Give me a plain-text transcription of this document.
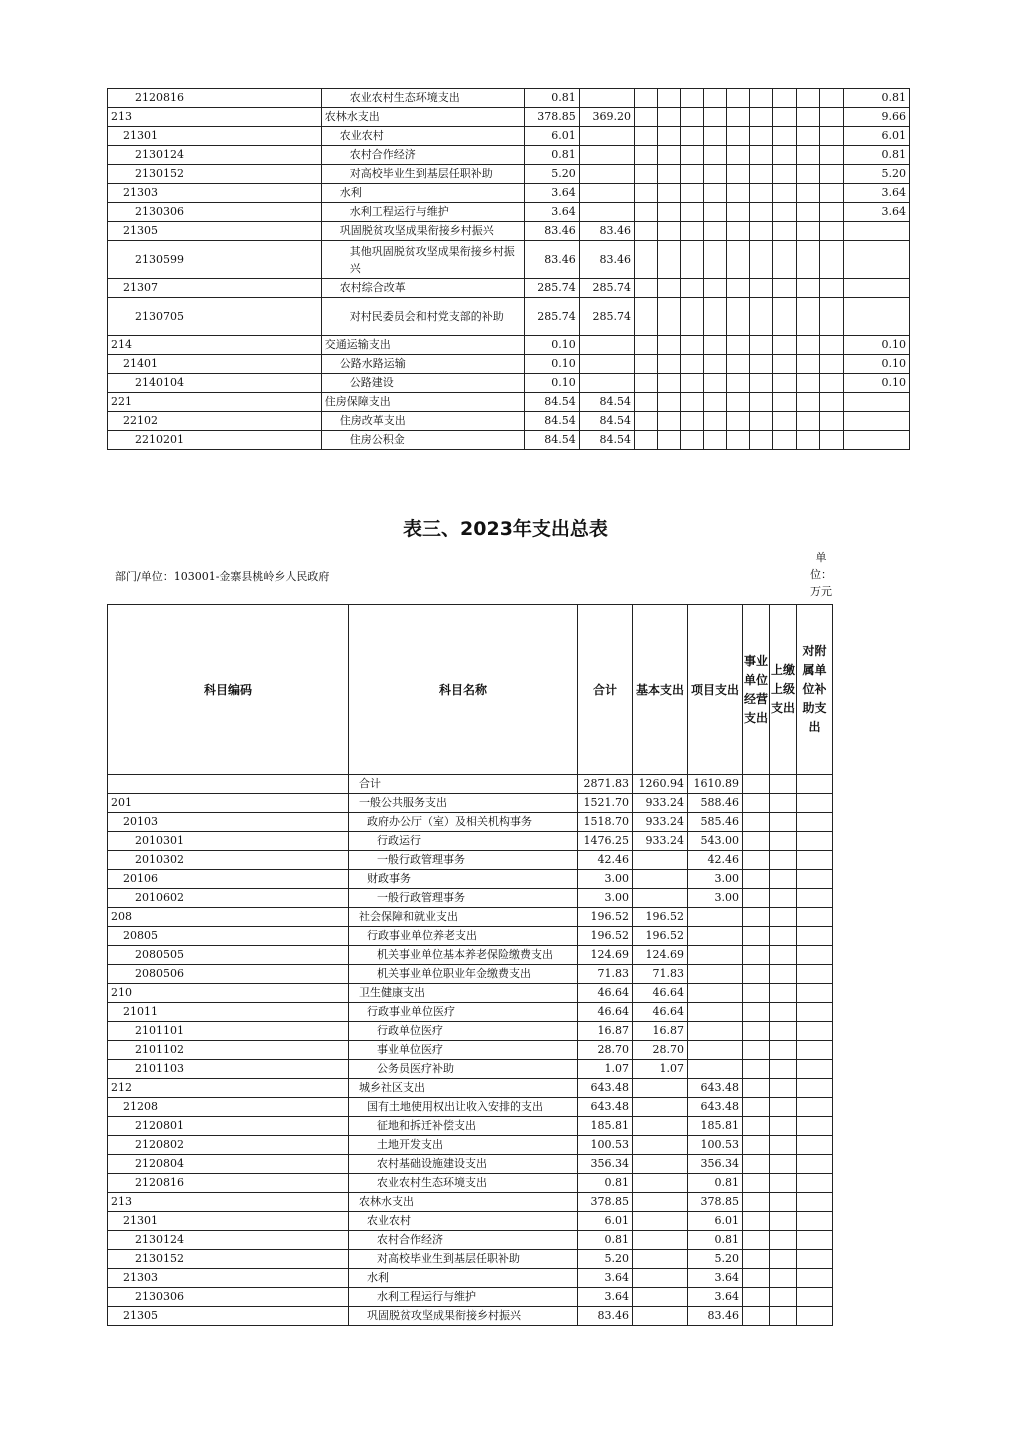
2120816	农业农村生态环境支出	0.81											0.81
213	农林水支出	378.85	369.20										9.66
21301	农业农村	6.01											6.01
2130124	农村合作经济	0.81											0.81
2130152	对高校毕业生到基层任职补助	5.20											5.20
21303	水利	3.64											3.64
2130306	水利工程运行与维护	3.64											3.64
21305	巩固脱贫攻坚成果衔接乡村振兴	83.46	83.46										
2130599	其他巩固脱贫攻坚成果衔接乡村振兴	83.46	83.46										
21307	农村综合改革	285.74	285.74										
2130705	对村民委员会和村党支部的补助	285.74	285.74										
214	交通运输支出	0.10											0.10
21401	公路水路运输	0.10											0.10
2140104	公路建设	0.10											0.10
221	住房保障支出	84.54	84.54										
22102	住房改革支出	84.54	84.54										
2210201	住房公积金	84.54	84.54										
表三、2023年支出总表
部门/单位：103001-金寨县桃岭乡人民政府
单位：万元
科目编码	科目名称	合计	基本支出	项目支出	事业单位经营支出	上缴上级支出	对附属单位补助支出
	合计	2871.83	1260.94	1610.89			
201	一般公共服务支出	1521.70	933.24	588.46			
20103	政府办公厅（室）及相关机构事务	1518.70	933.24	585.46			
2010301	行政运行	1476.25	933.24	543.00			
2010302	一般行政管理事务	42.46		42.46			
20106	财政事务	3.00		3.00			
2010602	一般行政管理事务	3.00		3.00			
208	社会保障和就业支出	196.52	196.52				
20805	行政事业单位养老支出	196.52	196.52				
2080505	机关事业单位基本养老保险缴费支出	124.69	124.69				
2080506	机关事业单位职业年金缴费支出	71.83	71.83				
210	卫生健康支出	46.64	46.64				
21011	行政事业单位医疗	46.64	46.64				
2101101	行政单位医疗	16.87	16.87				
2101102	事业单位医疗	28.70	28.70				
2101103	公务员医疗补助	1.07	1.07				
212	城乡社区支出	643.48		643.48			
21208	国有土地使用权出让收入安排的支出	643.48		643.48			
2120801	征地和拆迁补偿支出	185.81		185.81			
2120802	土地开发支出	100.53		100.53			
2120804	农村基础设施建设支出	356.34		356.34			
2120816	农业农村生态环境支出	0.81		0.81			
213	农林水支出	378.85		378.85			
21301	农业农村	6.01		6.01			
2130124	农村合作经济	0.81		0.81			
2130152	对高校毕业生到基层任职补助	5.20		5.20			
21303	水利	3.64		3.64			
2130306	水利工程运行与维护	3.64		3.64			
21305	巩固脱贫攻坚成果衔接乡村振兴	83.46		83.46			
